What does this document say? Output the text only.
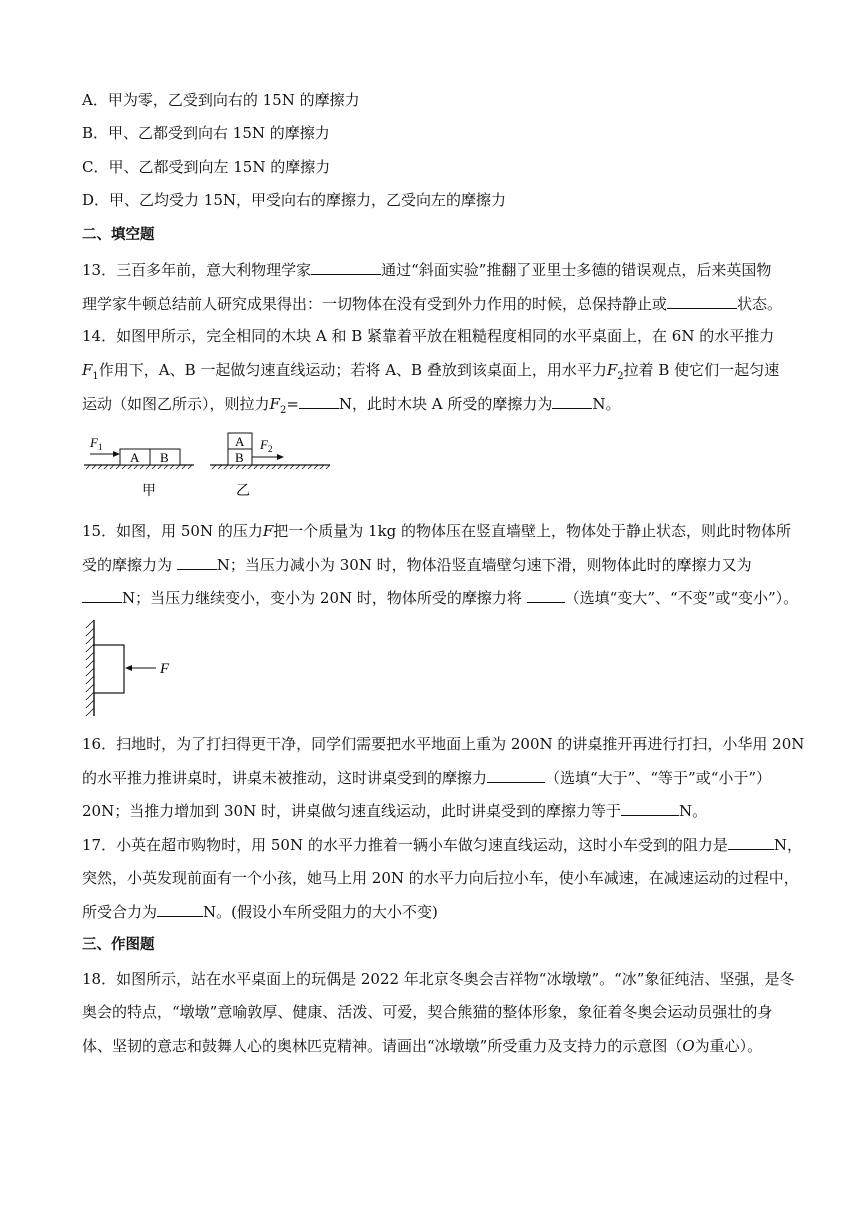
A．甲为零，乙受到向右的 15N 的摩擦力
B．甲、乙都受到向右 15N 的摩擦力
C．甲、乙都受到向左 15N 的摩擦力
D．甲、乙均受力 15N，甲受向右的摩擦力，乙受向左的摩擦力
二、填空题
13．三百多年前，意大利物理学家	通过“斜面实验”推翻了亚里士多德的错误观点，后来英国物
理学家牛顿总结前人研究成果得出：一切物体在没有受到外力作用的时候，总保持静止或	状态。
14．如图甲所示，完全相同的木块 A 和 B 紧靠着平放在粗糙程度相同的水平桌面上，在 6N 的水平推力
$F_1$作用下，A、B 一起做匀速直线运动；若将 A、B 叠放到该桌面上，用水平力$F_2$拉着 B 使它们一起匀速
运动（如图乙所示），则拉力$F_2=$	N，此时木块 A 所受的摩擦力为	N。
A B
F 1
甲
A
B
F 2
乙
15．如图，用 50N 的压力F把一个质量为 1kg 的物体压在竖直墙壁上，物体处于静止状态，则此时物体所
受的摩擦力为	N；当压力减小为 30N 时，物体沿竖直墙壁匀速下滑，则物体此时的摩擦力又为
N；当压力继续变小，变小为 20N 时，物体所受的摩擦力将	（选填“变大”、“不变”或“变小”）。
F
16．扫地时，为了打扫得更干净，同学们需要把水平地面上重为 200N 的讲桌推开再进行打扫，小华用 20N
的水平推力推讲桌时，讲桌未被推动，这时讲桌受到的摩擦力	（选填“大于”、“等于”或“小于”）
20N；当推力增加到 30N 时，讲桌做匀速直线运动，此时讲桌受到的摩擦力等于	N。
17．小英在超市购物时，用 50N 的水平力推着一辆小车做匀速直线运动，这时小车受到的阻力是	N，
突然，小英发现前面有一个小孩，她马上用 20N 的水平力向后拉小车，使小车减速，在减速运动的过程中，
所受合力为	N。(假设小车所受阻力的大小不变)
三、作图题
18．如图所示，站在水平桌面上的玩偶是 2022 年北京冬奥会吉祥物“冰墩墩”。“冰”象征纯洁、坚强，是冬
奥会的特点，“墩墩”意喻敦厚、健康、活泼、可爱，契合熊猫的整体形象，象征着冬奥会运动员强壮的身
体、坚韧的意志和鼓舞人心的奥林匹克精神。请画出“冰墩墩”所受重力及支持力的示意图（O为重心）。
